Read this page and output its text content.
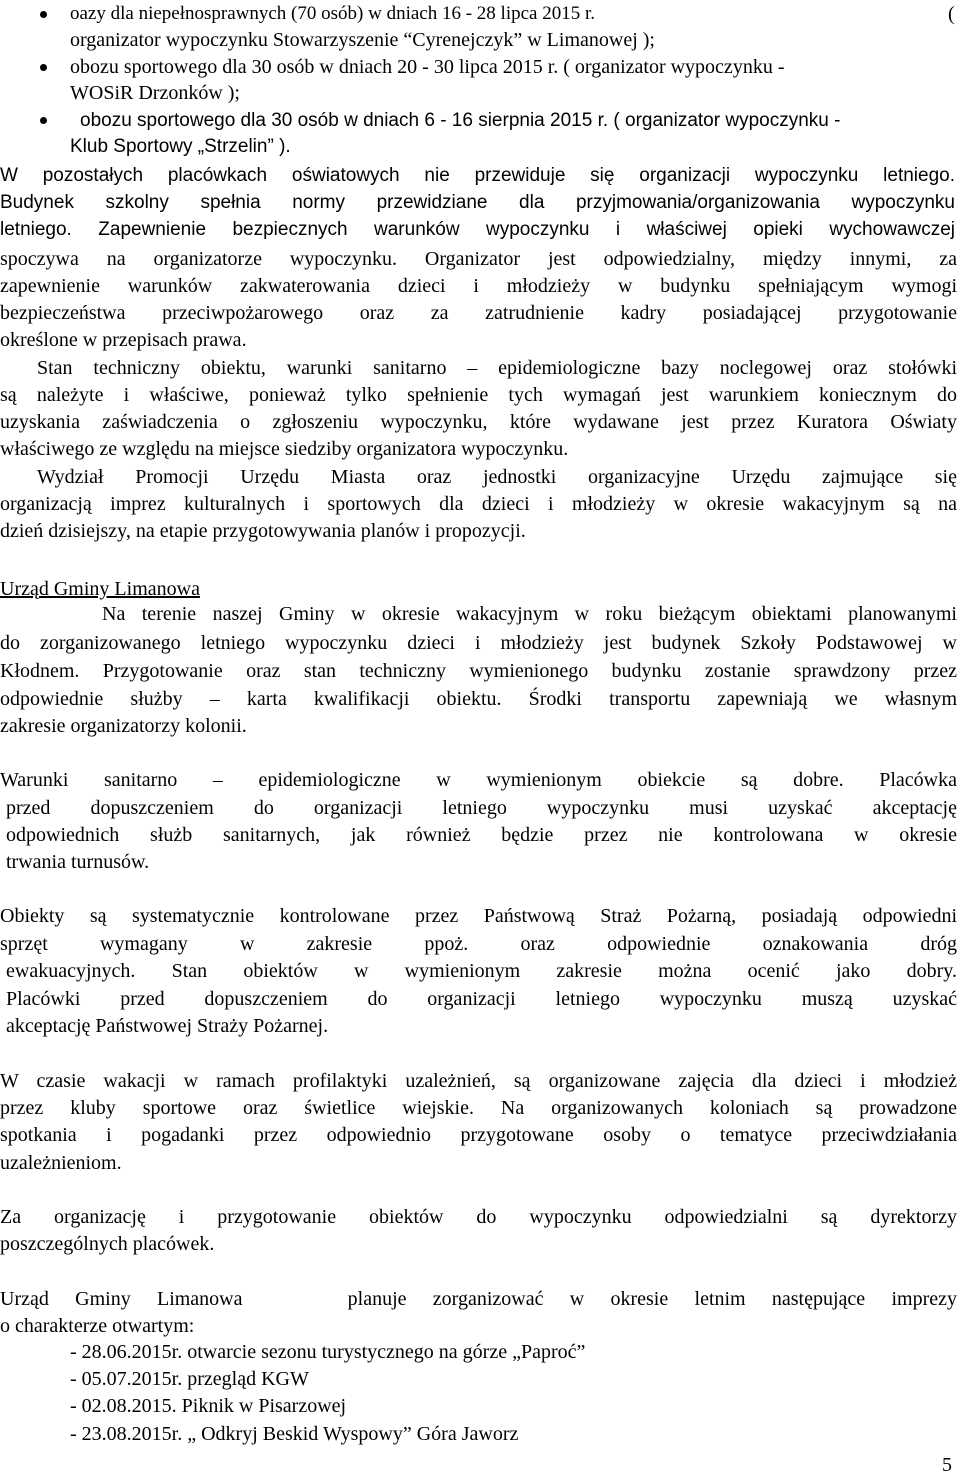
oazy dla niepełnosprawnych (70 osób) w dniach 16 - 28 lipca 2015 r.	(

organizator wypoczynku Stowarzyszenie “Cyrenejczyk” w Limanowej );

obozu sportowego dla 30 osób w dniach 20 - 30 lipca 2015 r. ( organizator wypoczynku -

WOSiR Drzonków );

obozu sportowego dla 30 osób w dniach 6 - 16 sierpnia 2015 r. ( organizator wypoczynku -

Klub Sportowy „Strzelin” ).

W pozostałych placówkach oświatowych nie przewiduje się organizacji wypoczynku letniego.

Budynek szkolny spełnia normy przewidziane dla przyjmowania/organizowania wypoczynku

letniego. Zapewnienie bezpiecznych warunków wypoczynku i właściwej opieki wychowawczej

spoczywa na organizatorze wypoczynku. Organizator jest odpowiedzialny, między innymi, za

zapewnienie warunków zakwaterowania dzieci i młodzieży w budynku spełniającym wymogi

bezpieczeństwa przeciwpożarowego oraz za zatrudnienie kadry posiadającej przygotowanie

określone w przepisach prawa.

Stan techniczny obiektu, warunki sanitarno – epidemiologiczne bazy noclegowej oraz stołówki

są należyte i właściwe, ponieważ tylko spełnienie tych wymagań jest warunkiem koniecznym do

uzyskania zaświadczenia o zgłoszeniu wypoczynku, które wydawane jest przez Kuratora Oświaty

właściwego ze względu na miejsce siedziby organizatora wypoczynku.

Wydział Promocji Urzędu Miasta oraz jednostki organizacyjne Urzędu zajmujące się

organizacją imprez kulturalnych i sportowych dla dzieci i młodzieży w okresie wakacyjnym są na

dzień dzisiejszy, na etapie przygotowywania planów i propozycji.

Urząd Gminy Limanowa

Na terenie naszej Gminy w okresie wakacyjnym w roku bieżącym obiektami planowanymi

do zorganizowanego letniego wypoczynku dzieci i młodzieży jest budynek Szkoły Podstawowej w

Kłodnem. Przygotowanie oraz stan techniczny wymienionego budynku zostanie sprawdzony przez

odpowiednie służby – karta kwalifikacji obiektu. Środki transportu zapewniają we własnym

zakresie organizatorzy kolonii.

Warunki sanitarno – epidemiologiczne w wymienionym obiekcie są dobre. Placówka

przed dopuszczeniem do organizacji letniego wypoczynku musi uzyskać akceptację

odpowiednich służb sanitarnych, jak również będzie przez nie kontrolowana w okresie

trwania turnusów.

Obiekty są systematycznie kontrolowane przez Państwową Straż Pożarną, posiadają odpowiedni

sprzęt wymagany w zakresie ppoż. oraz odpowiednie oznakowania dróg

ewakuacyjnych. Stan obiektów w wymienionym zakresie można ocenić jako dobry.

Placówki przed dopuszczeniem do organizacji letniego wypoczynku muszą uzyskać

akceptację Państwowej Straży Pożarnej.

W czasie wakacji w ramach profilaktyki uzależnień, są organizowane zajęcia dla dzieci i młodzież

przez kluby sportowe oraz świetlice wiejskie. Na organizowanych koloniach są prowadzone

spotkania i pogadanki przez odpowiednio przygotowane osoby o tematyce przeciwdziałania

uzależnieniom.

Za organizację i przygotowanie obiektów do wypoczynku odpowiedzialni są dyrektorzy

poszczególnych placówek.

Urząd Gminy Limanowa    planuje zorganizować w okresie letnim następujące imprezy

o charakterze otwartym:

- 28.06.2015r. otwarcie sezonu turystycznego na górze „Paproć”

- 05.07.2015r. przegląd KGW

- 02.08.2015. Piknik w Pisarzowej

- 23.08.2015r. „ Odkryj Beskid Wyspowy” Góra Jaworz

5
